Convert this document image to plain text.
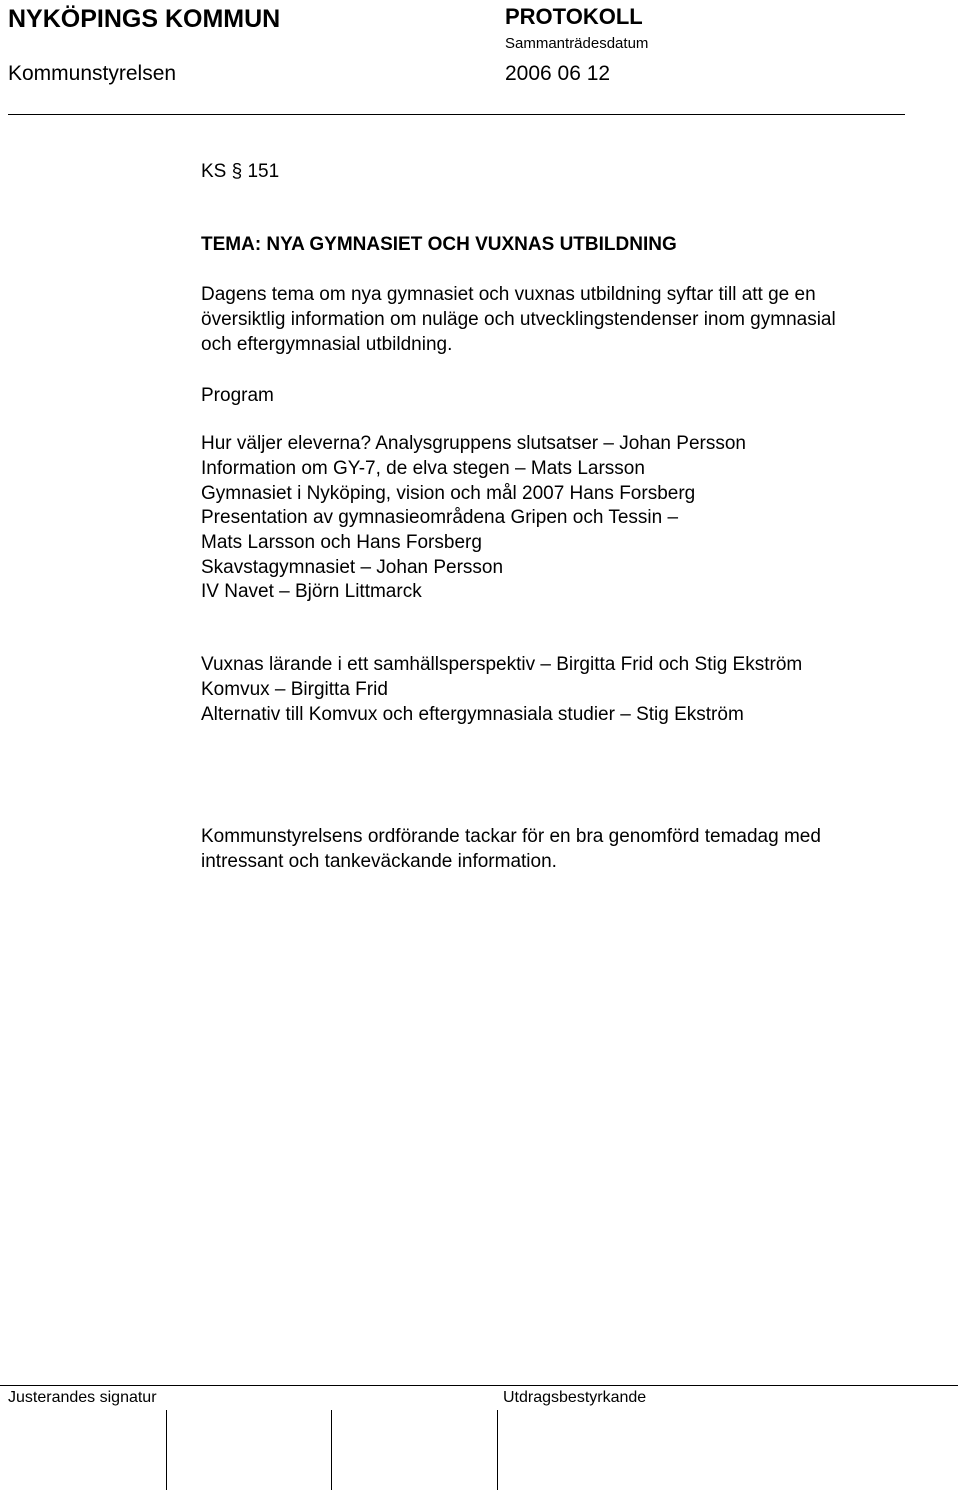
NYKÖPINGS KOMMUN	PROTOKOLL
Sammanträdesdatum
Kommunstyrelsen	2006 06 12

KS § 151

TEMA: NYA GYMNASIET OCH VUXNAS UTBILDNING

Dagens tema om nya gymnasiet och vuxnas utbildning syftar till att ge en
översiktlig information om nuläge och utvecklingstendenser inom gymnasial
och eftergymnasial utbildning.

Program

Hur väljer eleverna? Analysgruppens slutsatser – Johan Persson
Information om GY-7, de elva stegen – Mats Larsson
Gymnasiet i Nyköping, vision och mål 2007 Hans Forsberg
Presentation av gymnasieområdena Gripen och Tessin –
Mats Larsson och Hans Forsberg
Skavstagymnasiet – Johan Persson
IV Navet – Björn Littmarck

Vuxnas lärande i ett samhällsperspektiv – Birgitta Frid och Stig Ekström
Komvux – Birgitta Frid
Alternativ till Komvux och eftergymnasiala studier – Stig Ekström

Kommunstyrelsens ordförande tackar för en bra genomförd temadag med
intressant och tankeväckande information.

Justerandes signatur	Utdragsbestyrkande
